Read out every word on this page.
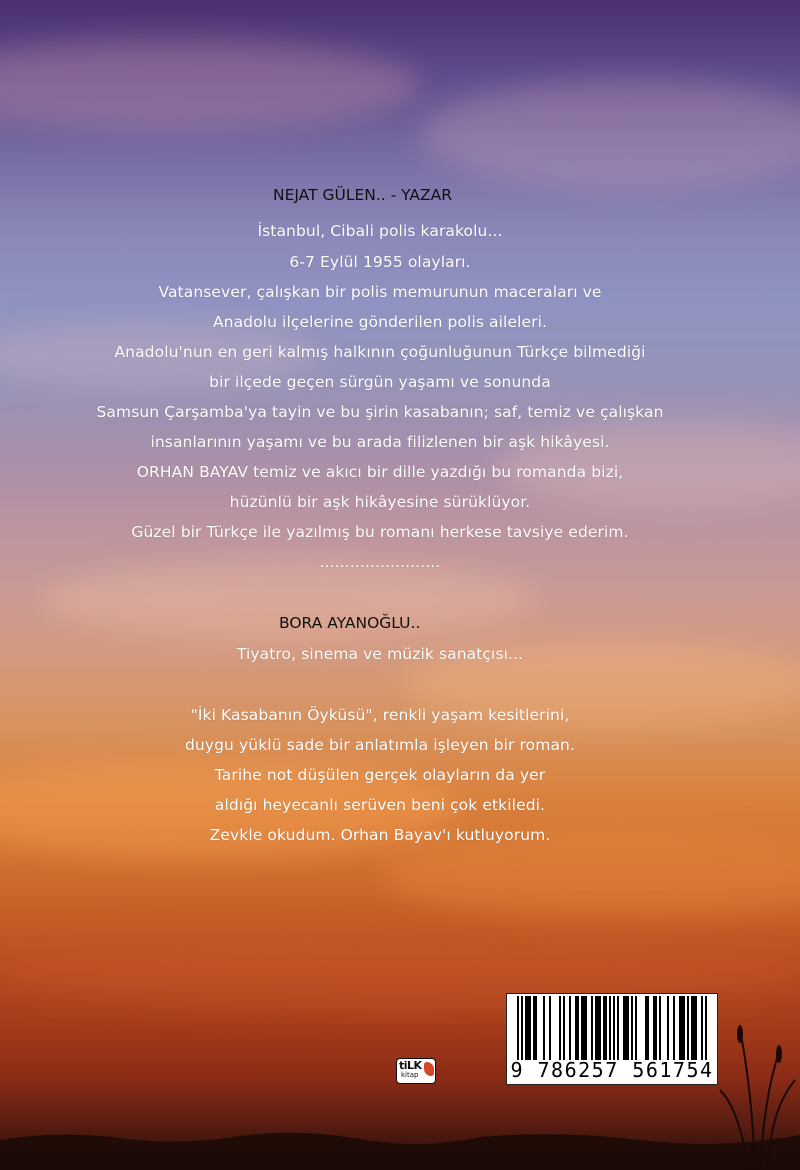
NEJAT GÜLEN.. - YAZAR
İstanbul, Cibali polis karakolu...
6-7 Eylül 1955 olayları.
Vatansever, çalışkan bir polis memurunun maceraları ve
Anadolu ilçelerine gönderilen polis aileleri.
Anadolu'nun en geri kalmış halkının çoğunluğunun Türkçe bilmediği
bir ilçede geçen sürgün yaşamı ve sonunda
Samsun Çarşamba'ya tayin ve bu şirin kasabanın; saf, temiz ve çalışkan
insanlarının yaşamı ve bu arada filizlenen bir aşk hikâyesi.
ORHAN BAYAV temiz ve akıcı bir dille yazdığı bu romanda bizi,
hüzünlü bir aşk hikâyesine sürüklüyor.
Güzel bir Türkçe ile yazılmış bu romanı herkese tavsiye ederim.
........................
BORA AYANOĞLU..
Tiyatro, sinema ve müzik sanatçısı...
"İki Kasabanın Öyküsü", renkli yaşam kesitlerini,
duygu yüklü sade bir anlatımla işleyen bir roman.
Tarihe not düşülen gerçek olayların da yer
aldığı heyecanlı serüven beni çok etkiledi.
Zevkle okudum. Orhan Bayav'ı kutluyorum.
tiLK
kitap	9 786257 561754
